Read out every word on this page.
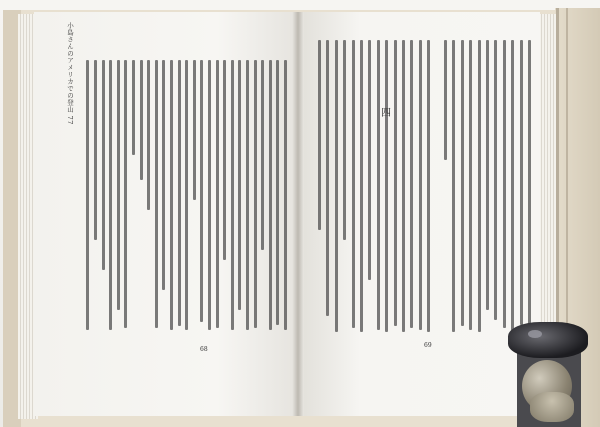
小島さんのアメリカでの登山 77	四
68
69
